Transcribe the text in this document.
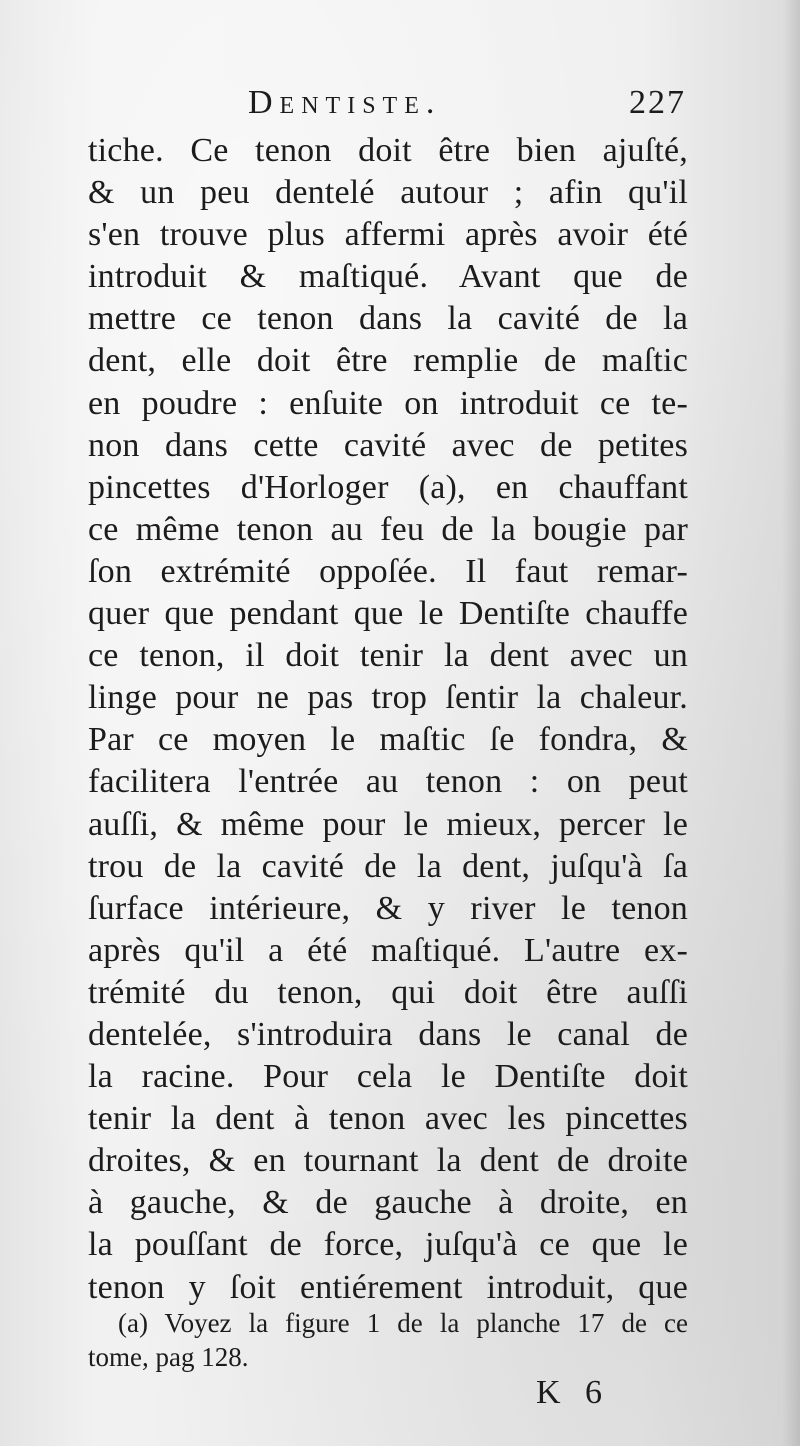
Dentiste.	227
tiche. Ce tenon doit être bien ajuſté,
& un peu dentelé autour ; afin qu'il
s'en trouve plus affermi après avoir été
introduit & maſtiqué. Avant que de
mettre ce tenon dans la cavité de la
dent, elle doit être remplie de maſtic
en poudre : enſuite on introduit ce te-
non dans cette cavité avec de petites
pincettes d'Horloger (a), en chauffant
ce même tenon au feu de la bougie par
ſon extrémité oppoſée. Il faut remar-
quer que pendant que le Dentiſte chauffe
ce tenon, il doit tenir la dent avec un
linge pour ne pas trop ſentir la chaleur.
Par ce moyen le maſtic ſe fondra, &
facilitera l'entrée au tenon : on peut
auſſi, & même pour le mieux, percer le
trou de la cavité de la dent, juſqu'à ſa
ſurface intérieure, & y river le tenon
après qu'il a été maſtiqué. L'autre ex-
trémité du tenon, qui doit être auſſi
dentelée, s'introduira dans le canal de
la racine. Pour cela le Dentiſte doit
tenir la dent à tenon avec les pincettes
droites, & en tournant la dent de droite
à gauche, & de gauche à droite, en
la pouſſant de force, juſqu'à ce que le
tenon y ſoit entiérement introduit, que
(a) Voyez la figure 1 de la planche 17 de ce
tome, pag 128.
K 6
